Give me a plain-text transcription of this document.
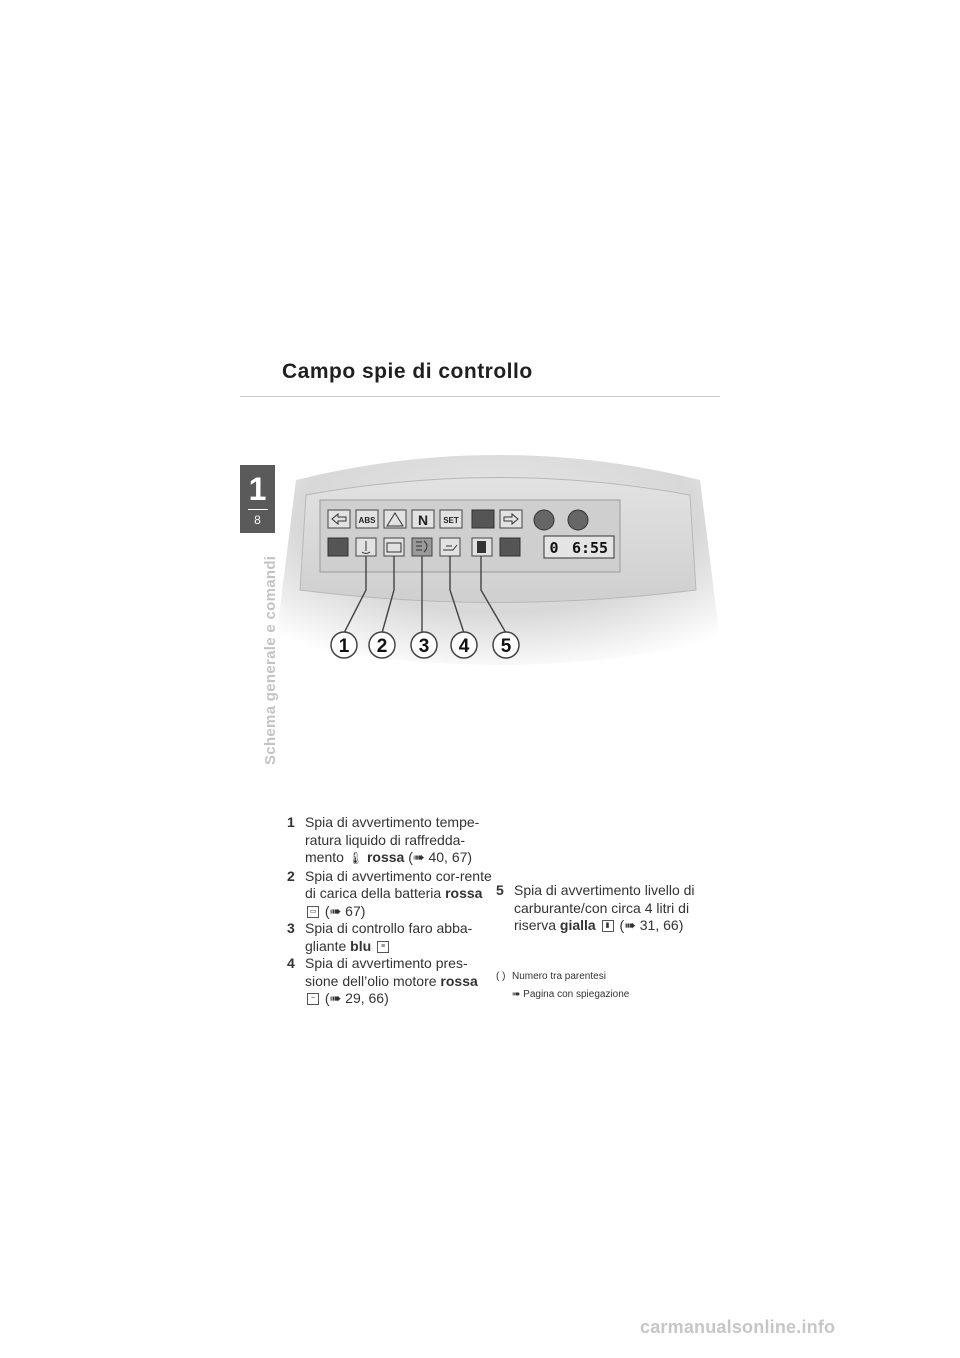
Campo spie di controllo
1
8
Schema generale e comandi
ABS	N SET
0 6:55
1 2 3 4 5

1 Spia di avvertimento tempe-ratura liquido di raffredda-mento 🌡 rossa (➠ 40, 67)

2 Spia di avvertimento cor-rente di carica della batteria rossa ▭ (➠ 67)

3 Spia di controllo faro abba-gliante blu ≡

4 Spia di avvertimento pres-sione dell’olio motore rossa ~ (➠ 29, 66)

5 Spia di avvertimento livello di carburante/con circa 4 litri di riserva gialla ▮ (➠ 31, 66)

( ) Numero tra parentesi
➠ Pagina con spiegazione
carmanualsonline.info
